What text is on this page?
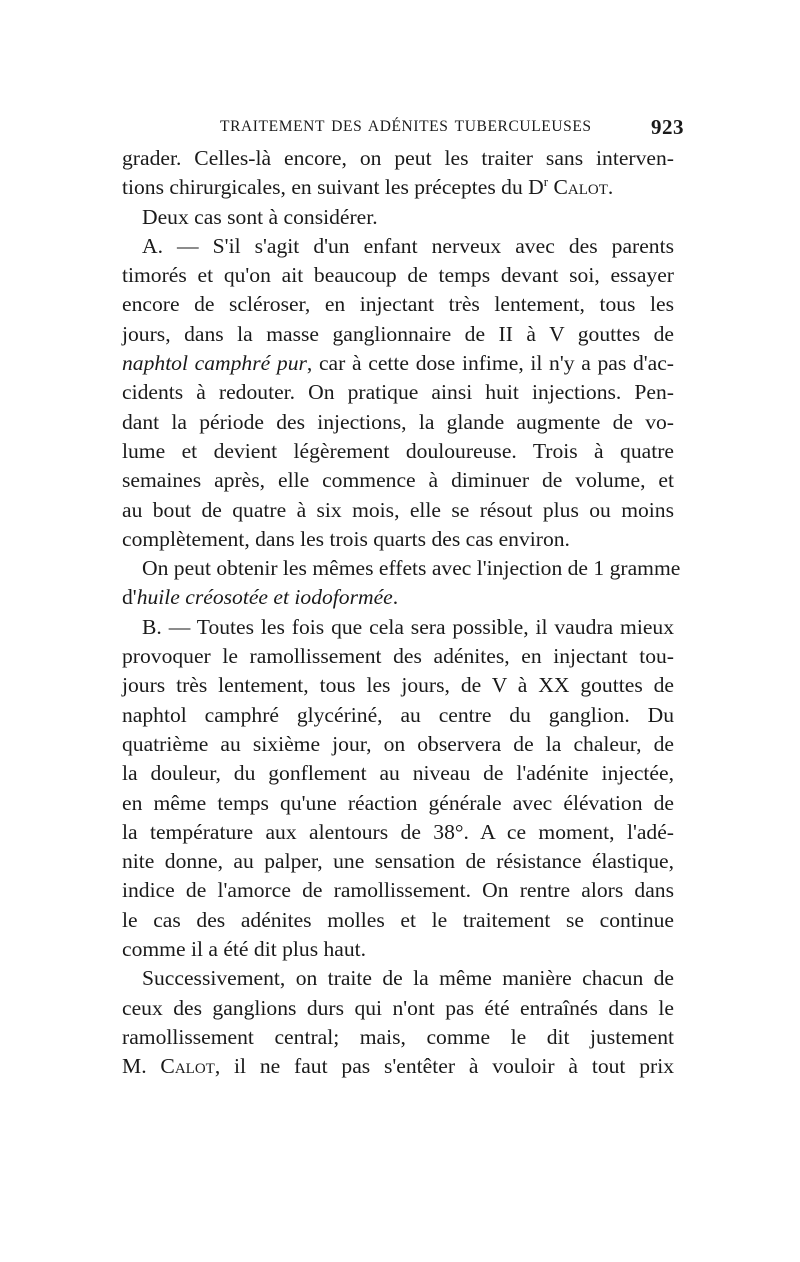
TRAITEMENT DES ADÉNITES TUBERCULEUSES	923
grader. Celles-là encore, on peut les traiter sans interven-
tions chirurgicales, en suivant les préceptes du $D^r$ Calot.
Deux cas sont à considérer.
A. — S'il s'agit d'un enfant nerveux avec des parents
timorés et qu'on ait beaucoup de temps devant soi, essayer
encore de scléroser, en injectant très lentement, tous les
jours, dans la masse ganglionnaire de II à V gouttes de
naphtol camphré pur, car à cette dose infime, il n'y a pas d'ac-
cidents à redouter. On pratique ainsi huit injections. Pen-
dant la période des injections, la glande augmente de vo-
lume et devient légèrement douloureuse. Trois à quatre
semaines après, elle commence à diminuer de volume, et
au bout de quatre à six mois, elle se résout plus ou moins
complètement, dans les trois quarts des cas environ.
On peut obtenir les mêmes effets avec l'injection de 1 gramme
d'huile créosotée et iodoformée.
B. — Toutes les fois que cela sera possible, il vaudra mieux
provoquer le ramollissement des adénites, en injectant tou-
jours très lentement, tous les jours, de V à XX gouttes de
naphtol camphré glycériné, au centre du ganglion. Du
quatrième au sixième jour, on observera de la chaleur, de
la douleur, du gonflement au niveau de l'adénite injectée,
en même temps qu'une réaction générale avec élévation de
la température aux alentours de 38°. A ce moment, l'adé-
nite donne, au palper, une sensation de résistance élastique,
indice de l'amorce de ramollissement. On rentre alors dans
le cas des adénites molles et le traitement se continue
comme il a été dit plus haut.
Successivement, on traite de la même manière chacun de
ceux des ganglions durs qui n'ont pas été entraînés dans le
ramollissement central; mais, comme le dit justement
M. Calot, il ne faut pas s'entêter à vouloir à tout prix
